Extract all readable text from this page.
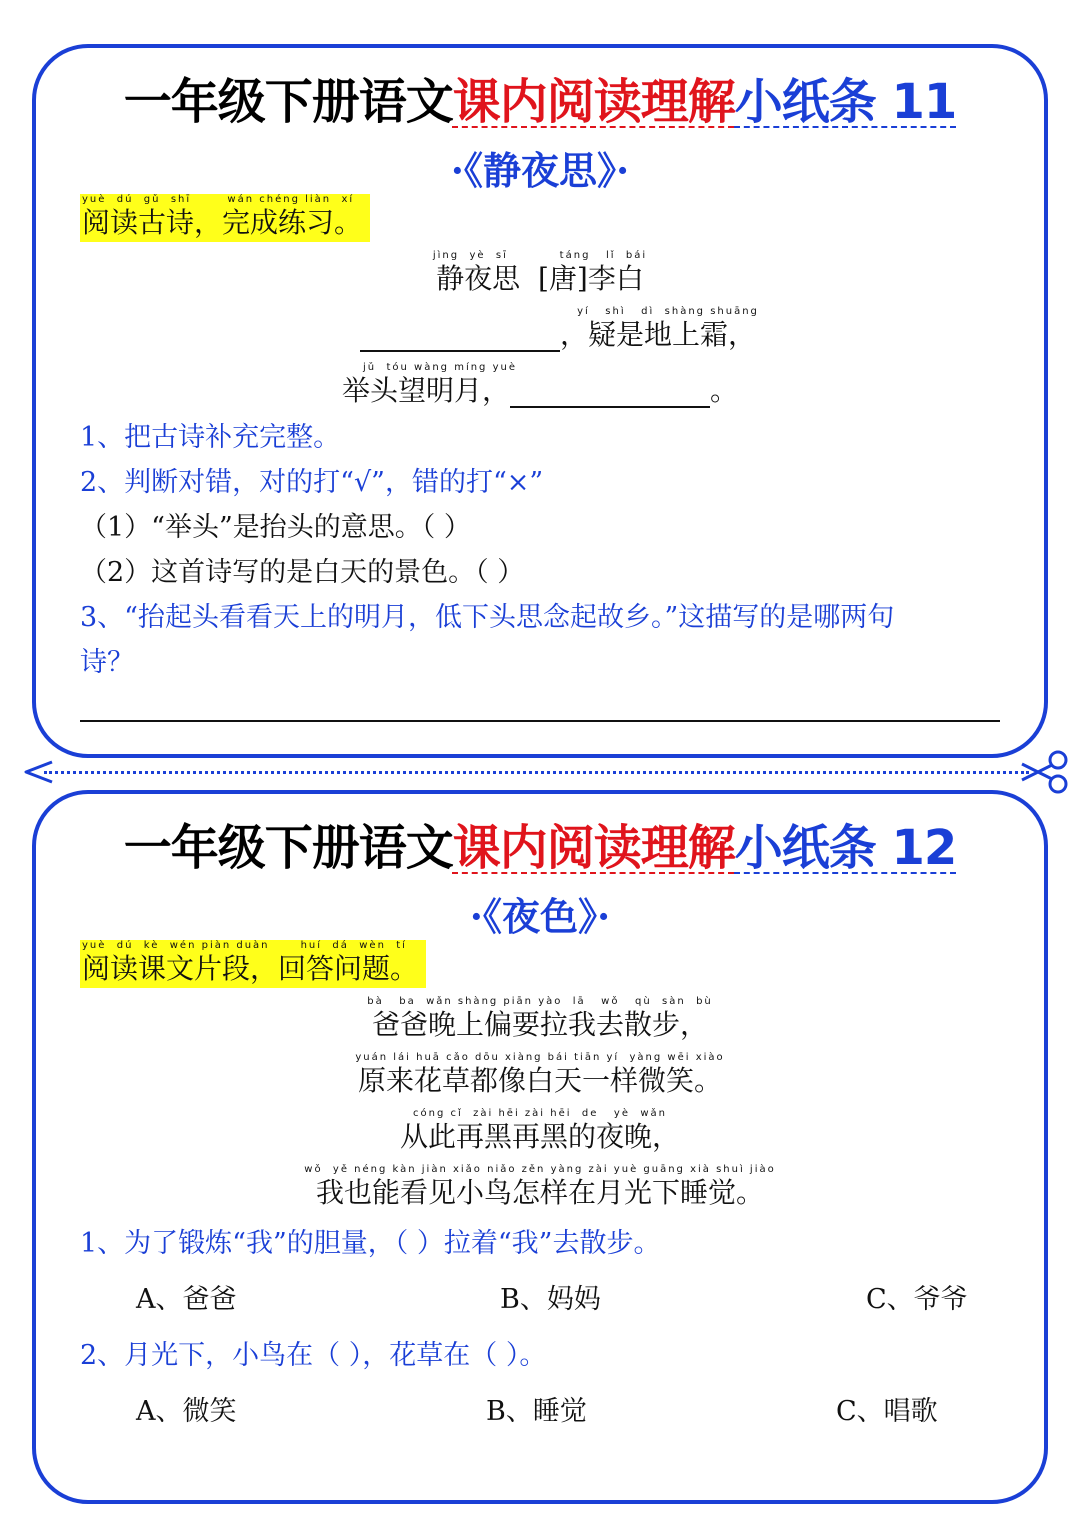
一年级下册语文课内阅读理解小纸条 11
·《静夜思》·
yuè  dú  gǔ  shī       wán chéng liàn  xí
阅读古诗，完成练习。
jìng  yè  sī          táng   lǐ  bái
静夜思  [唐]李白
yí   shì   dì  shàng shuāng
，疑是地上霜，
jǔ  tóu wàng míng yuè
举头望明月，	。
1、把古诗补充完整。
2、判断对错，对的打“√”，错的打“×”
（1）“举头”是抬头的意思。（ ）
（2）这首诗写的是白天的景色。（ ）
3、“抬起头看看天上的明月，低下头思念起故乡。”这描写的是哪两句
诗？
一年级下册语文课内阅读理解小纸条 12
·《夜色》·
yuè  dú  kè  wén piàn duàn      huí  dá  wèn  tí
阅读课文片段，回答问题。
bà   ba  wǎn shàng piān yào  lā   wǒ   qù  sàn  bù
爸爸晚上偏要拉我去散步，
yuán lái huā cǎo dōu xiàng bái tiān yí  yàng wēi xiào
原来花草都像白天一样微笑。
cóng cǐ  zài hēi zài hēi  de   yè  wǎn
从此再黑再黑的夜晚，
wǒ  yě néng kàn jiàn xiǎo niǎo zěn yàng zài yuè guāng xià shuì jiào
我也能看见小鸟怎样在月光下睡觉。
1、为了锻炼“我”的胆量，（ ）拉着“我”去散步。
A、爸爸	B、妈妈	C、爷爷
2、月光下，小鸟在（ ），花草在（ ）。
A、微笑	B、睡觉	C、唱歌
